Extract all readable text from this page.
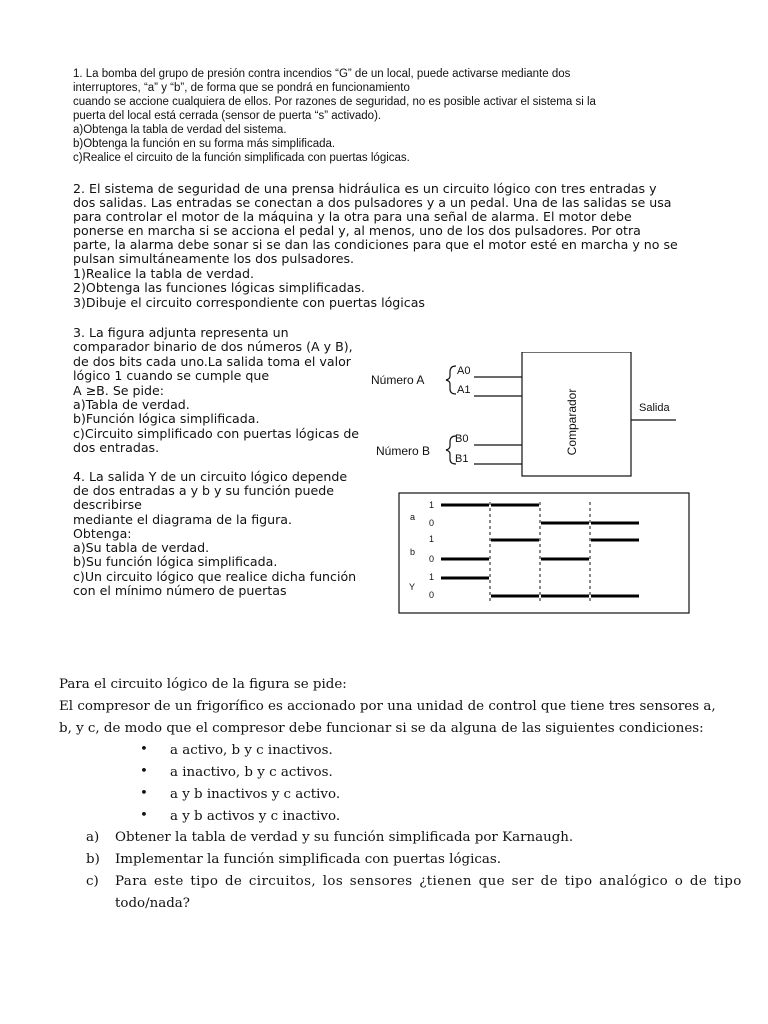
1. La bomba del grupo de presión contra incendios “G” de un local, puede activarse mediante dos
interruptores, “a” y “b”, de forma que se pondrá en funcionamiento
cuando se accione cualquiera de ellos. Por razones de seguridad, no es posible activar el sistema si la
puerta del local está cerrada (sensor de puerta “s” activado).
a)Obtenga la tabla de verdad del sistema.
b)Obtenga la función en su forma más simplificada.
c)Realice el circuito de la función simplificada con puertas lógicas.
2. El sistema de seguridad de una prensa hidráulica es un circuito lógico con tres entradas y
dos salidas. Las entradas se conectan a dos pulsadores y a un pedal. Una de las salidas se usa
para controlar el motor de la máquina y la otra para una señal de alarma. El motor debe
ponerse en marcha si se acciona el pedal y, al menos, uno de los dos pulsadores. Por otra
parte, la alarma debe sonar si se dan las condiciones para que el motor esté en marcha y no se
pulsan simultáneamente los dos pulsadores.
1)Realice la tabla de verdad.
2)Obtenga las funciones lógicas simplificadas.
3)Dibuje el circuito correspondiente con puertas lógicas
3. La figura adjunta representa un
comparador binario de dos números (A y B),
de dos bits cada uno.La salida toma el valor
lógico 1 cuando se cumple que
A ≥B. Se pide:
a)Tabla de verdad.
b)Función lógica simplificada.
c)Circuito simplificado con puertas lógicas de
dos entradas.
Número A
Número B
A0
A1
B0
B1
Comparador	Salida
4. La salida Y de un circuito lógico depende
de dos entradas a y b y su función puede
describirse
mediante el diagrama de la figura.
Obtenga:
a)Su tabla de verdad.
b)Su función lógica simplificada.
c)Un circuito lógico que realice dicha función
con el mínimo número de puertas
a
b
Y
1
0
1
0
1
0
Para el circuito lógico de la figura se pide:
El compresor de un frigorífico es accionado por una unidad de control que tiene tres sensores a,
b, y c, de modo que el compresor debe funcionar si se da alguna de las siguientes condiciones:
• a activo, b y c inactivos.
• a inactivo, b y c activos.
• a y b inactivos y c activo.
• a y b activos y c inactivo.
a) Obtener la tabla de verdad y su función simplificada por Karnaugh.
b) Implementar la función simplificada con puertas lógicas.
c) Para este tipo de circuitos, los sensores ¿tienen que ser de tipo analógico o de tipo
todo/nada?
